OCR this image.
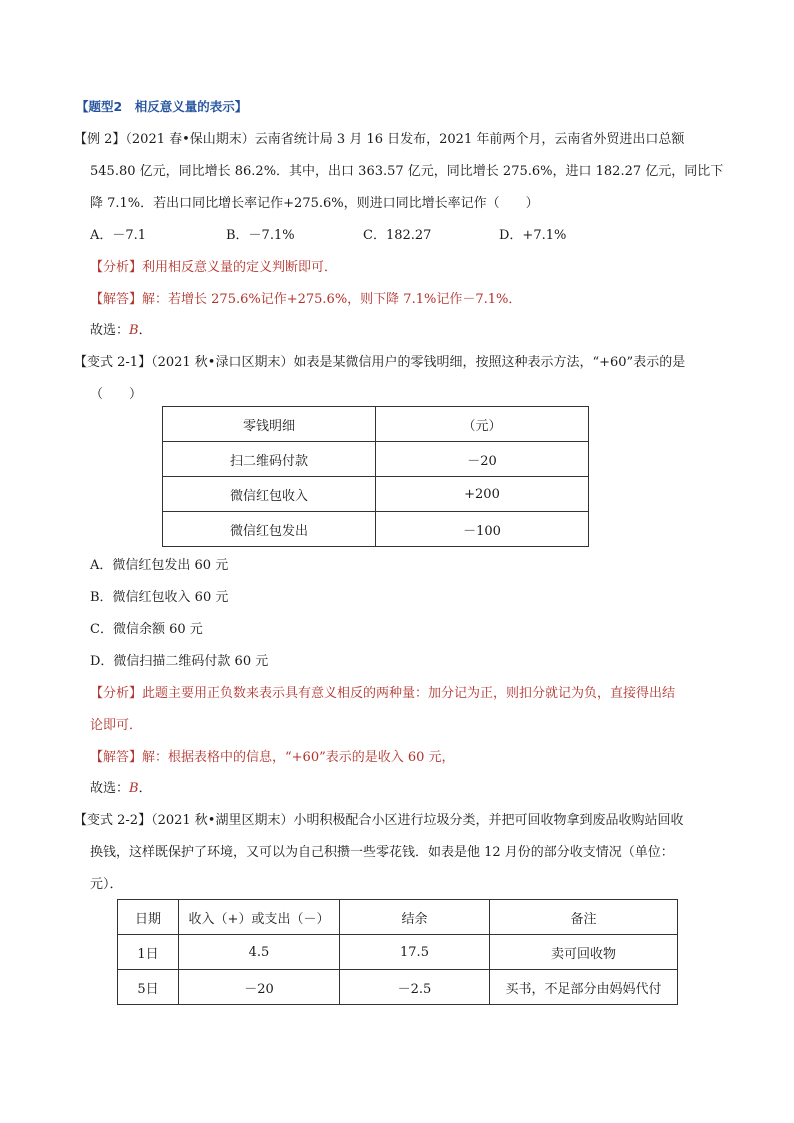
【题型2　相反意义量的表示】
【例 2】（2021 春•保山期末）云南省统计局 3 月 16 日发布，2021 年前两个月，云南省外贸进出口总额
545.80 亿元，同比增长 86.2%．其中，出口 363.57 亿元，同比增长 275.6%，进口 182.27 亿元，同比下
降 7.1%．若出口同比增长率记作+275.6%，则进口同比增长率记作（　　）
A．－7.1	B．－7.1%	C．182.27	D．+7.1%
【分析】利用相反意义量的定义判断即可．
【解答】解：若增长 275.6%记作+275.6%，则下降 7.1%记作－7.1%．
故选：B．
【变式 2-1】（2021 秋•渌口区期末）如表是某微信用户的零钱明细，按照这种表示方法，“+60”表示的是
（　　）
零钱明细	（元）
扫二维码付款	－20
微信红包收入	+200
微信红包发出	－100
A．微信红包发出 60 元
B．微信红包收入 60 元
C．微信余额 60 元
D．微信扫描二维码付款 60 元
【分析】此题主要用正负数来表示具有意义相反的两种量：加分记为正，则扣分就记为负，直接得出结
论即可．
【解答】解：根据表格中的信息，“+60”表示的是收入 60 元，
故选：B．
【变式 2-2】（2021 秋•湖里区期末）小明积极配合小区进行垃圾分类，并把可回收物拿到废品收购站回收
换钱，这样既保护了环境，又可以为自己积攒一些零花钱．如表是他 12 月份的部分收支情况（单位：
元）．
日期	收入（+）或支出（－）	结余	备注
1日	4.5	17.5	卖可回收物
5日	－20	－2.5	买书，不足部分由妈妈代付
